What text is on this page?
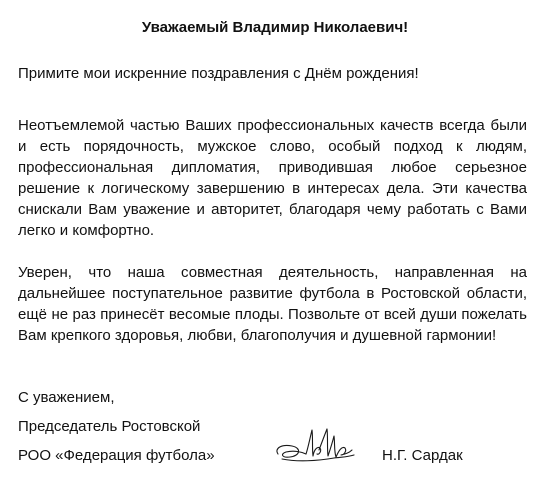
Уважаемый Владимир Николаевич!
Примите мои искренние поздравления с Днём рождения!
Неотъемлемой частью Ваших профессиональных качеств всегда были и есть порядочность, мужское слово, особый подход к людям, профессиональная дипломатия, приводившая любое серьезное решение к логическому завершению в интересах дела. Эти качества снискали Вам уважение и авторитет, благодаря чему работать с Вами легко и комфортно.
Уверен, что наша совместная деятельность, направленная на дальнейшее поступательное развитие футбола в Ростовской области, ещё не раз принесёт весомые плоды. Позвольте от всей души пожелать Вам крепкого здоровья, любви, благополучия и душевной гармонии!
С уважением,
Председатель Ростовской
РОО «Федерация футбола»	Н.Г. Сардак
